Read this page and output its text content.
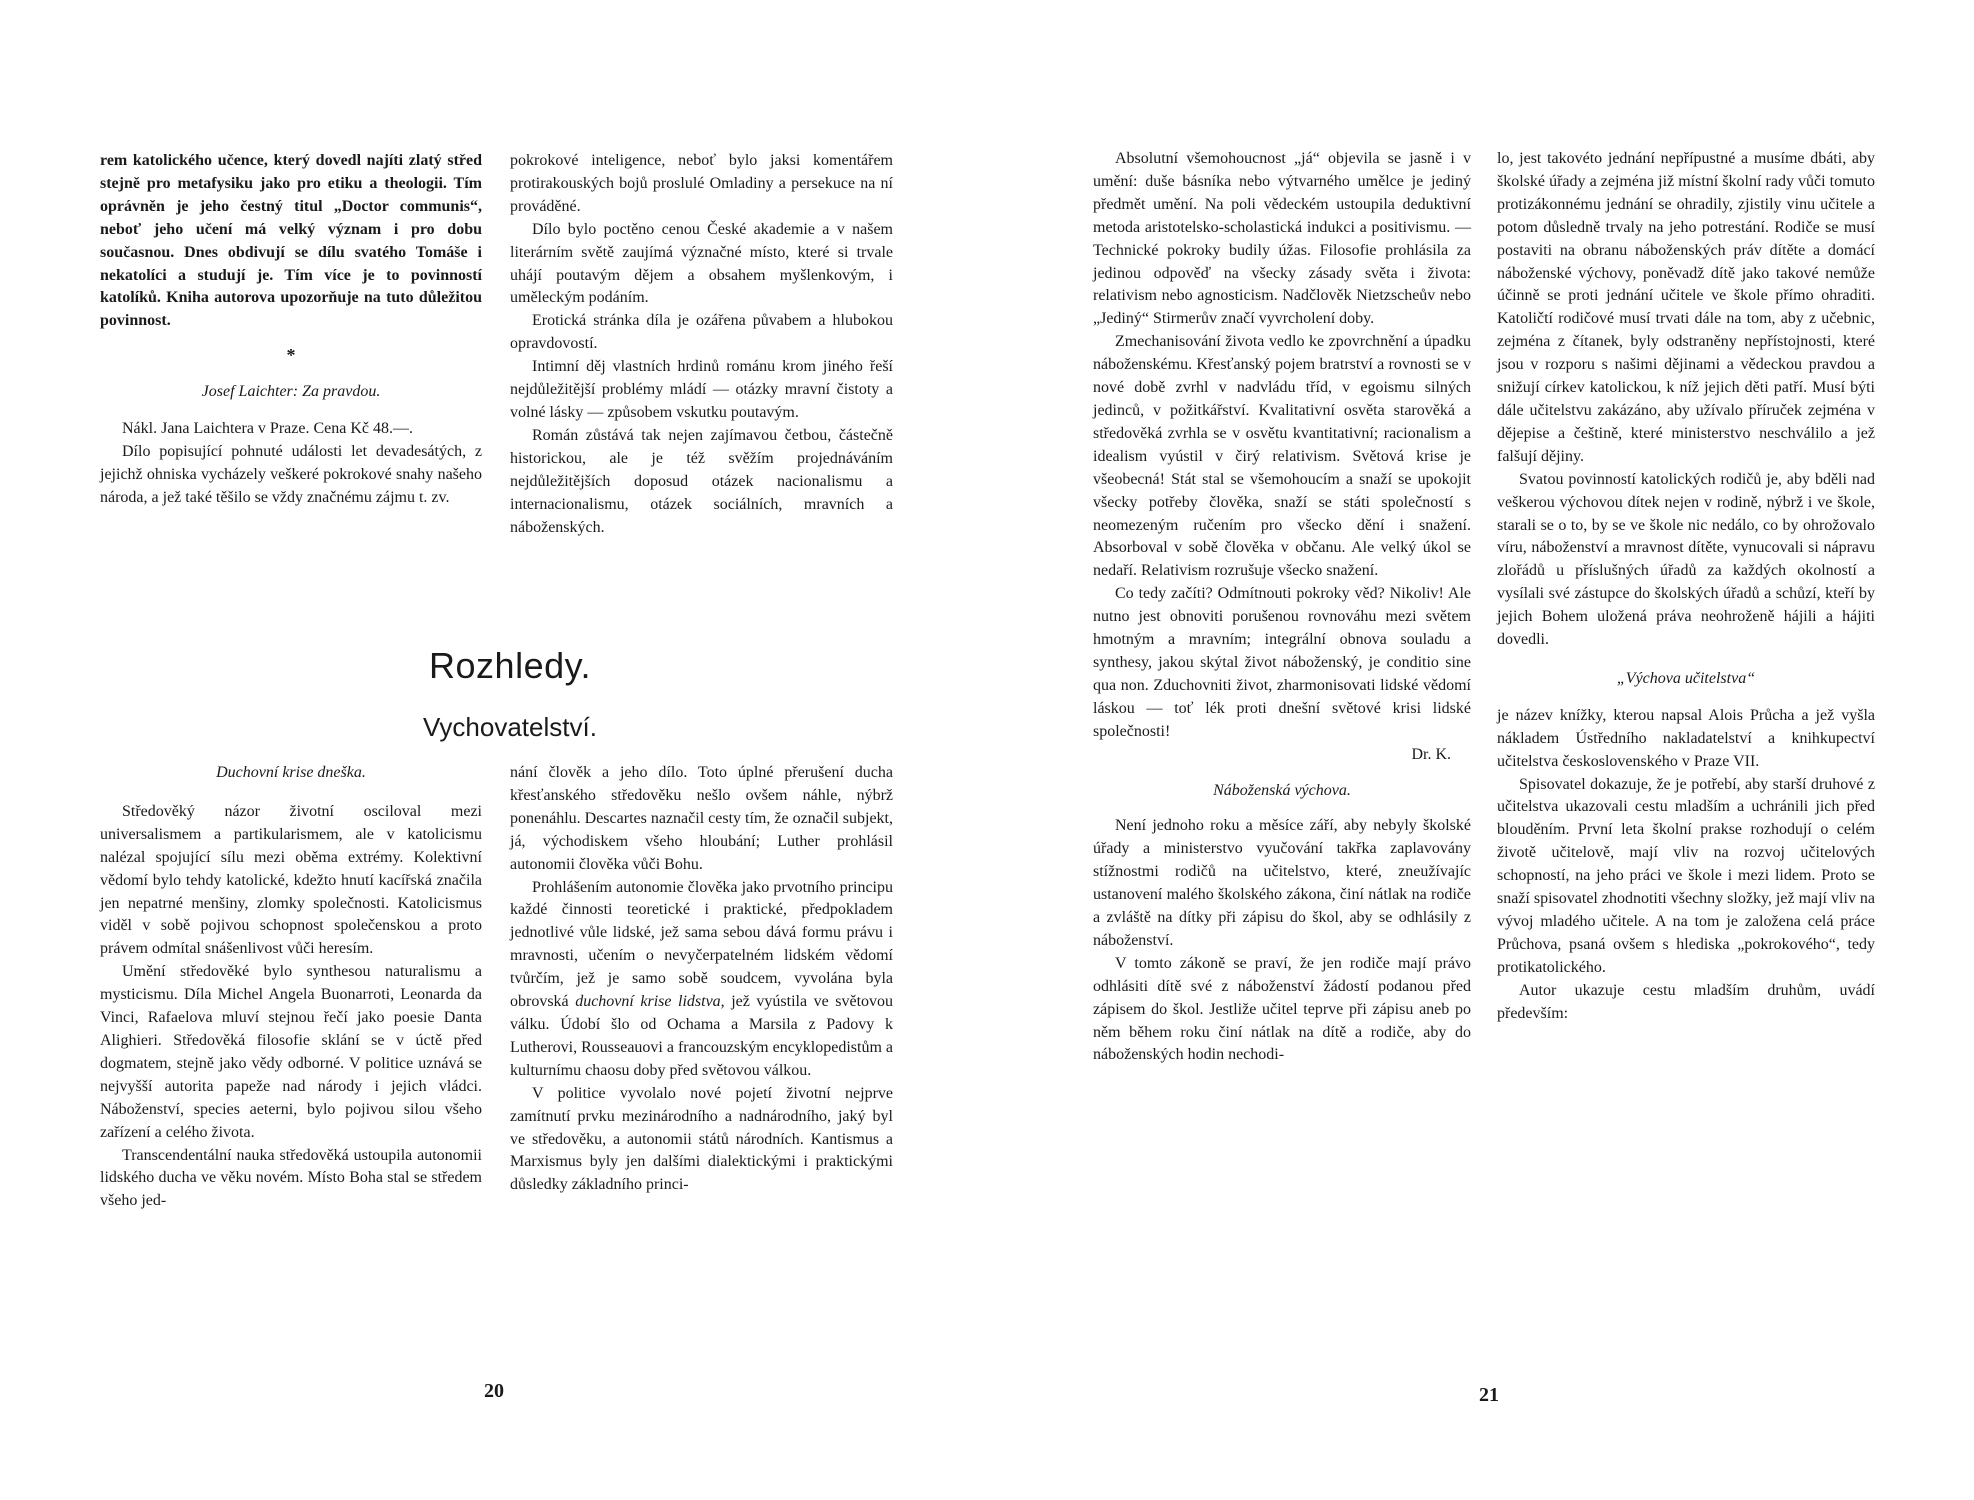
rem katolického učence, který dovedl najíti zlatý střed stejně pro metafysiku jako pro etiku a theologii. Tím oprávněn je jeho čestný titul „Doctor communis“, neboť jeho učení má velký význam i pro dobu současnou. Dnes obdivují se dílu svatého Tomáše i nekatolíci a studují je. Tím více je to povinností katolíků. Kniha autorova upozorňuje na tuto důležitou povinnost.

*

Josef Laichter: Za pravdou.

Nákl. Jana Laichtera v Praze. Cena Kč 48.—.

Dílo popisující pohnuté události let devadesátých, z jejichž ohniska vycházely veškeré pokrokové snahy našeho národa, a jež také těšilo se vždy značnému zájmu t. zv.

pokrokové inteligence, neboť bylo jaksi komentářem protirakouských bojů proslulé Omladiny a persekuce na ní prováděné.

Dílo bylo poctěno cenou České akademie a v našem literárním světě zaujímá význačné místo, které si trvale uhájí poutavým dějem a obsahem myšlenkovým, i uměleckým podáním.

Erotická stránka díla je ozářena půvabem a hlubokou opravdovostí.

Intimní děj vlastních hrdinů románu krom jiného řeší nejdůležitější problémy mládí — otázky mravní čistoty a volné lásky — způsobem vskutku poutavým.

Román zůstává tak nejen zajímavou četbou, částečně historickou, ale je též svěžím projednáváním nejdůležitějších doposud otázek nacionalismu a internacionalismu, otázek sociálních, mravních a náboženských.

Rozhledy.
Vychovatelství.

Duchovní krise dneška.

Středověký názor životní osciloval mezi universalismem a partikularismem, ale v katolicismu nalézal spojující sílu mezi oběma extrémy. Kolektivní vědomí bylo tehdy katolické, kdežto hnutí kacířská značila jen nepatrné menšiny, zlomky společnosti. Katolicismus viděl v sobě pojivou schopnost společenskou a proto právem odmítal snášenlivost vůči heresím.

Umění středověké bylo synthesou naturalismu a mysticismu. Díla Michel Angela Buonarroti, Leonarda da Vinci, Rafaelova mluví stejnou řečí jako poesie Danta Alighieri. Středověká filosofie sklání se v úctě před dogmatem, stejně jako vědy odborné. V politice uznává se nejvyšší autorita papeže nad národy i jejich vládci. Náboženství, species aeterni, bylo pojivou silou všeho zařízení a celého života.

Transcendentální nauka středověká ustoupila autonomii lidského ducha ve věku novém. Místo Boha stal se středem všeho jed-

nání člověk a jeho dílo. Toto úplné přerušení ducha křesťanského středověku nešlo ovšem náhle, nýbrž ponenáhlu. Descartes naznačil cesty tím, že označil subjekt, já, východiskem všeho hloubání; Luther prohlásil autonomii člověka vůči Bohu.

Prohlášením autonomie člověka jako prvotního principu každé činnosti teoretické i praktické, předpokladem jednotlivé vůle lidské, jež sama sebou dává formu právu i mravnosti, učením o nevyčerpatelném lidském vědomí tvůrčím, jež je samo sobě soudcem, vyvolána byla obrovská duchovní krise lidstva, jež vyústila ve světovou válku. Údobí šlo od Ochama a Marsila z Padovy k Lutherovi, Rousseauovi a francouzským encyklopedistům a kulturnímu chaosu doby před světovou válkou.

V politice vyvolalo nové pojetí životní nejprve zamítnutí prvku mezinárodního a nadnárodního, jaký byl ve středověku, a autonomii států národních. Kantismus a Marxismus byly jen dalšími dialektickými i praktickými důsledky základního princi-

20

Absolutní všemohoucnost „já“ objevila se jasně i v umění: duše básníka nebo výtvarného umělce je jediný předmět umění. Na poli vědeckém ustoupila deduktivní metoda aristotelsko-scholastická indukci a positivismu. — Technické pokroky budily úžas. Filosofie prohlásila za jedinou odpověď na všecky zásady světa i života: relativism nebo agnosticism. Nadčlověk Nietzscheův nebo „Jediný“ Stirmerův značí vyvrcholení doby.

Zmechanisování života vedlo ke zpovrchnění a úpadku náboženskému. Křesťanský pojem bratrství a rovnosti se v nové době zvrhl v nadvládu tříd, v egoismu silných jedinců, v požitkářství. Kvalitativní osvěta starověká a středověká zvrhla se v osvětu kvantitativní; racionalism a idealism vyústil v čirý relativism. Světová krise je všeobecná! Stát stal se všemohoucím a snaží se upokojit všecky potřeby člověka, snaží se státi společností s neomezeným ručením pro všecko dění i snažení. Absorboval v sobě člověka v občanu. Ale velký úkol se nedaří. Relativism rozrušuje všecko snažení.

Co tedy začíti? Odmítnouti pokroky věd? Nikoliv! Ale nutno jest obnoviti porušenou rovnováhu mezi světem hmotným a mravním; integrální obnova souladu a synthesy, jakou skýtal život náboženský, je conditio sine qua non. Zduchovniti život, zharmonisovati lidské vědomí láskou — toť lék proti dnešní světové krisi lidské společnosti!

Dr. K.

Náboženská výchova.

Není jednoho roku a měsíce září, aby nebyly školské úřady a ministerstvo vyučování takřka zaplavovány stížnostmi rodičů na učitelstvo, které, zneužívajíc ustanovení malého školského zákona, činí nátlak na rodiče a zvláště na dítky při zápisu do škol, aby se odhlásily z náboženství.

V tomto zákoně se praví, že jen rodiče mají právo odhlásiti dítě své z náboženství žádostí podanou před zápisem do škol. Jestliže učitel teprve při zápisu aneb po něm během roku činí nátlak na dítě a rodiče, aby do náboženských hodin nechodi-

lo, jest takovéto jednání nepřípustné a musíme dbáti, aby školské úřady a zejména již místní školní rady vůči tomuto protizákonnému jednání se ohradily, zjistily vinu učitele a potom důsledně trvaly na jeho potrestání. Rodiče se musí postaviti na obranu náboženských práv dítěte a domácí náboženské výchovy, poněvadž dítě jako takové nemůže účinně se proti jednání učitele ve škole přímo ohraditi. Katoličtí rodičové musí trvati dále na tom, aby z učebnic, zejména z čítanek, byly odstraněny nepřístojnosti, které jsou v rozporu s našimi dějinami a vědeckou pravdou a snižují církev katolickou, k níž jejich děti patří. Musí býti dále učitelstvu zakázáno, aby užívalo příruček zejména v dějepise a češtině, které ministerstvo neschválilo a jež falšují dějiny.

Svatou povinností katolických rodičů je, aby bděli nad veškerou výchovou dítek nejen v rodině, nýbrž i ve škole, starali se o to, by se ve škole nic nedálo, co by ohrožovalo víru, náboženství a mravnost dítěte, vynucovali si nápravu zlořádů u příslušných úřadů za každých okolností a vysílali své zástupce do školských úřadů a schůzí, kteří by jejich Bohem uložená práva neohroženě hájili a hájiti dovedli.

„Výchova učitelstva“

je název knížky, kterou napsal Alois Průcha a jež vyšla nákladem Ústředního nakladatelství a knihkupectví učitelstva československého v Praze VII.

Spisovatel dokazuje, že je potřebí, aby starší druhové z učitelstva ukazovali cestu mladším a uchránili jich před blouděním. První leta školní prakse rozhodují o celém životě učitelově, mají vliv na rozvoj učitelových schopností, na jeho práci ve škole i mezi lidem. Proto se snaží spisovatel zhodnotiti všechny složky, jež mají vliv na vývoj mladého učitele. A na tom je založena celá práce Průchova, psaná ovšem s hlediska „pokrokového“, tedy protikatolického.

Autor ukazuje cestu mladším druhům, uvádí především:

21
